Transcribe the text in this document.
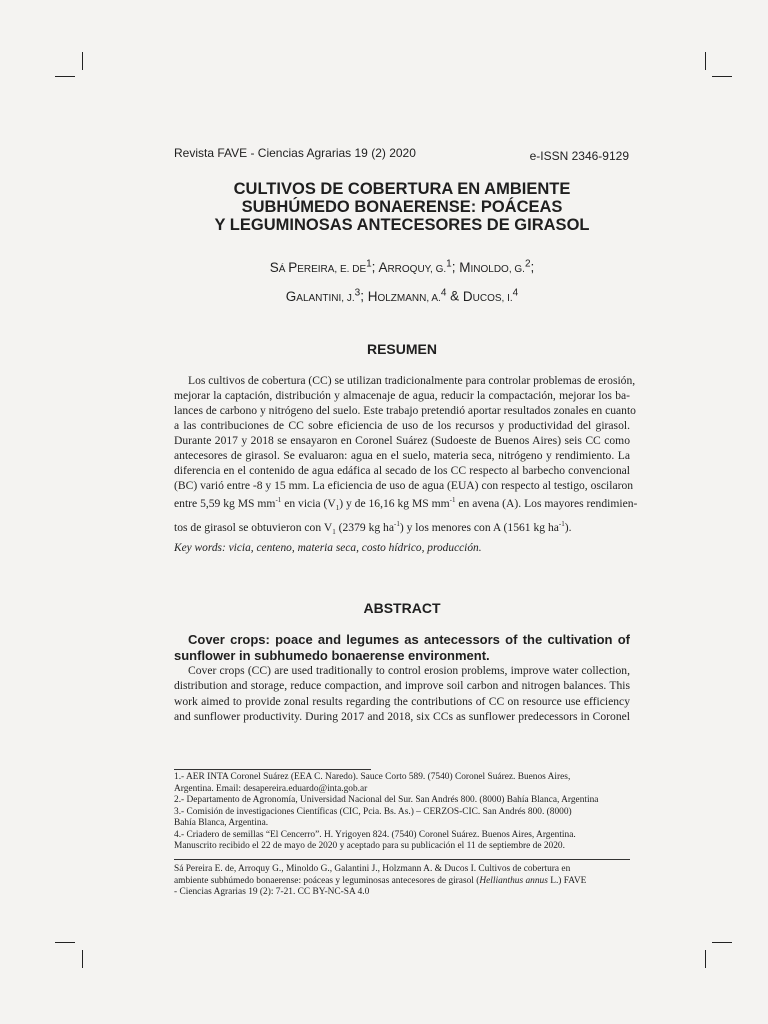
Revista FAVE - Ciencias Agrarias 19 (2) 2020	e-ISSN 2346-9129
CULTIVOS DE COBERTURA EN AMBIENTE
SUBHÚMEDO BONAERENSE: POÁCEAS
Y LEGUMINOSAS ANTECESORES DE GIRASOL
SÁ PEREIRA, E. $DE^1$; ARROQUY, G.$^1$; MINOLDO, G.$^2$;
GALANTINI, J.$^3$; HOLZMANN, A.$^4$ & DUCOS, I.$^4$
RESUMEN
Los cultivos de cobertura (CC) se utilizan tradicionalmente para controlar problemas de erosión,
mejorar la captación, distribución y almacenaje de agua, reducir la compactación, mejorar los ba-
lances de carbono y nitrógeno del suelo. Este trabajo pretendió aportar resultados zonales en cuanto
a las contribuciones de CC sobre eficiencia de uso de los recursos y productividad del girasol.
Durante 2017 y 2018 se ensayaron en Coronel Suárez (Sudoeste de Buenos Aires) seis CC como
antecesores de girasol. Se evaluaron: agua en el suelo, materia seca, nitrógeno y rendimiento. La
diferencia en el contenido de agua edáfica al secado de los CC respecto al barbecho convencional
(BC) varió entre -8 y 15 mm. La eficiencia de uso de agua (EUA) con respecto al testigo, oscilaron
entre 5,59 kg MS $mm^{-1}$ en vicia $(V_1)$ y de 16,16 kg MS $mm^{-1}$ en avena (A). Los mayores rendimien-
tos de girasol se obtuvieron con $V_1$ (2379 kg $ha^{-1}$) y los menores con A (1561 kg $ha^{-1}$).
Key words: vicia, centeno, materia seca, costo hídrico, producción.
ABSTRACT
Cover crops: poace and legumes as antecessors of the cultivation of
sunflower in subhumedo bonaerense environment.
Cover crops (CC) are used traditionally to control erosion problems, improve water collection,
distribution and storage, reduce compaction, and improve soil carbon and nitrogen balances. This
work aimed to provide zonal results regarding the contributions of CC on resource use efficiency
and sunflower productivity. During 2017 and 2018, six CCs as sunflower predecessors in Coronel
1.- AER INTA Coronel Suárez (EEA C. Naredo). Sauce Corto 589. (7540) Coronel Suárez. Buenos Aires,
Argentina. Email: desapereira.eduardo@inta.gob.ar
2.- Departamento de Agronomía, Universidad Nacional del Sur. San Andrés 800. (8000) Bahía Blanca, Argentina
3.- Comisión de investigaciones Científicas (CIC, Pcia. Bs. As.) – CERZOS-CIC. San Andrés 800. (8000)
Bahía Blanca, Argentina.
4.- Criadero de semillas “El Cencerro”. H. Yrigoyen 824. (7540) Coronel Suárez. Buenos Aires, Argentina.
Manuscrito recibido el 22 de mayo de 2020 y aceptado para su publicación el 11 de septiembre de 2020.
Sá Pereira E. de, Arroquy G., Minoldo G., Galantini J., Holzmann A. & Ducos I. Cultivos de cobertura en
ambiente subhúmedo bonaerense: poáceas y leguminosas antecesores de girasol (Hellianthus annus L.) FAVE
- Ciencias Agrarias 19 (2): 7-21. CC BY-NC-SA 4.0
